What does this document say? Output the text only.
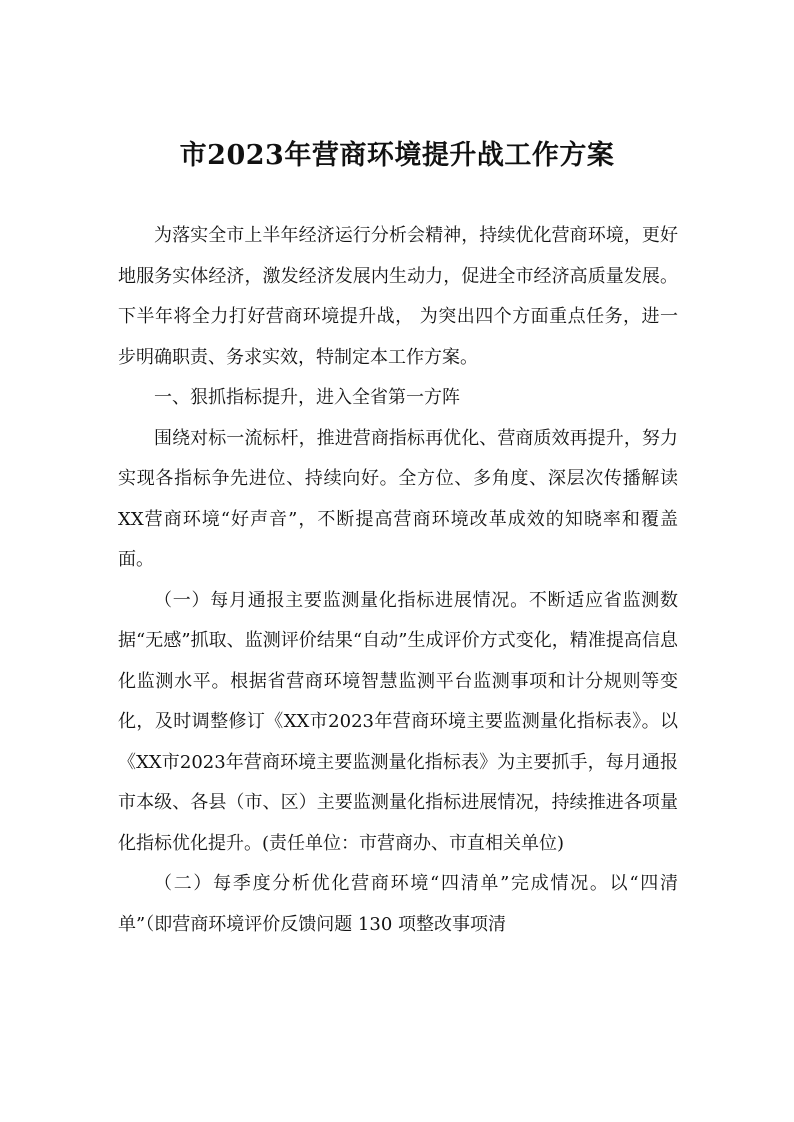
市2023年营商环境提升战工作方案

为落实全市上半年经济运行分析会精神，持续优化营商环境，更好地服务实体经济，激发经济发展内生动力，促进全市经济高质量发展。下半年将全力打好营商环境提升战， 为突出四个方面重点任务，进一步明确职责、务求实效，特制定本工作方案。

一、狠抓指标提升，进入全省第一方阵

围绕对标一流标杆，推进营商指标再优化、营商质效再提升，努力实现各指标争先进位、持续向好。全方位、多角度、深层次传播解读 XX营商环境“好声音”，不断提高营商环境改革成效的知晓率和覆盖面。

（一）每月通报主要监测量化指标进展情况。不断适应省监测数据“无感”抓取、监测评价结果“自动”生成评价方式变化，精准提高信息化监测水平。根据省营商环境智慧监测平台监测事项和计分规则等变化，及时调整修订《XX市2023年营商环境主要监测量化指标表》。以《XX市2023年营商环境主要监测量化指标表》为主要抓手，每月通报市本级、各县（市、区）主要监测量化指标进展情况，持续推进各项量化指标优化提升。(责任单位：市营商办、市直相关单位)

（二）每季度分析优化营商环境“四清单”完成情况。以“四清单”（即营商环境评价反馈问题 130 项整改事项清
